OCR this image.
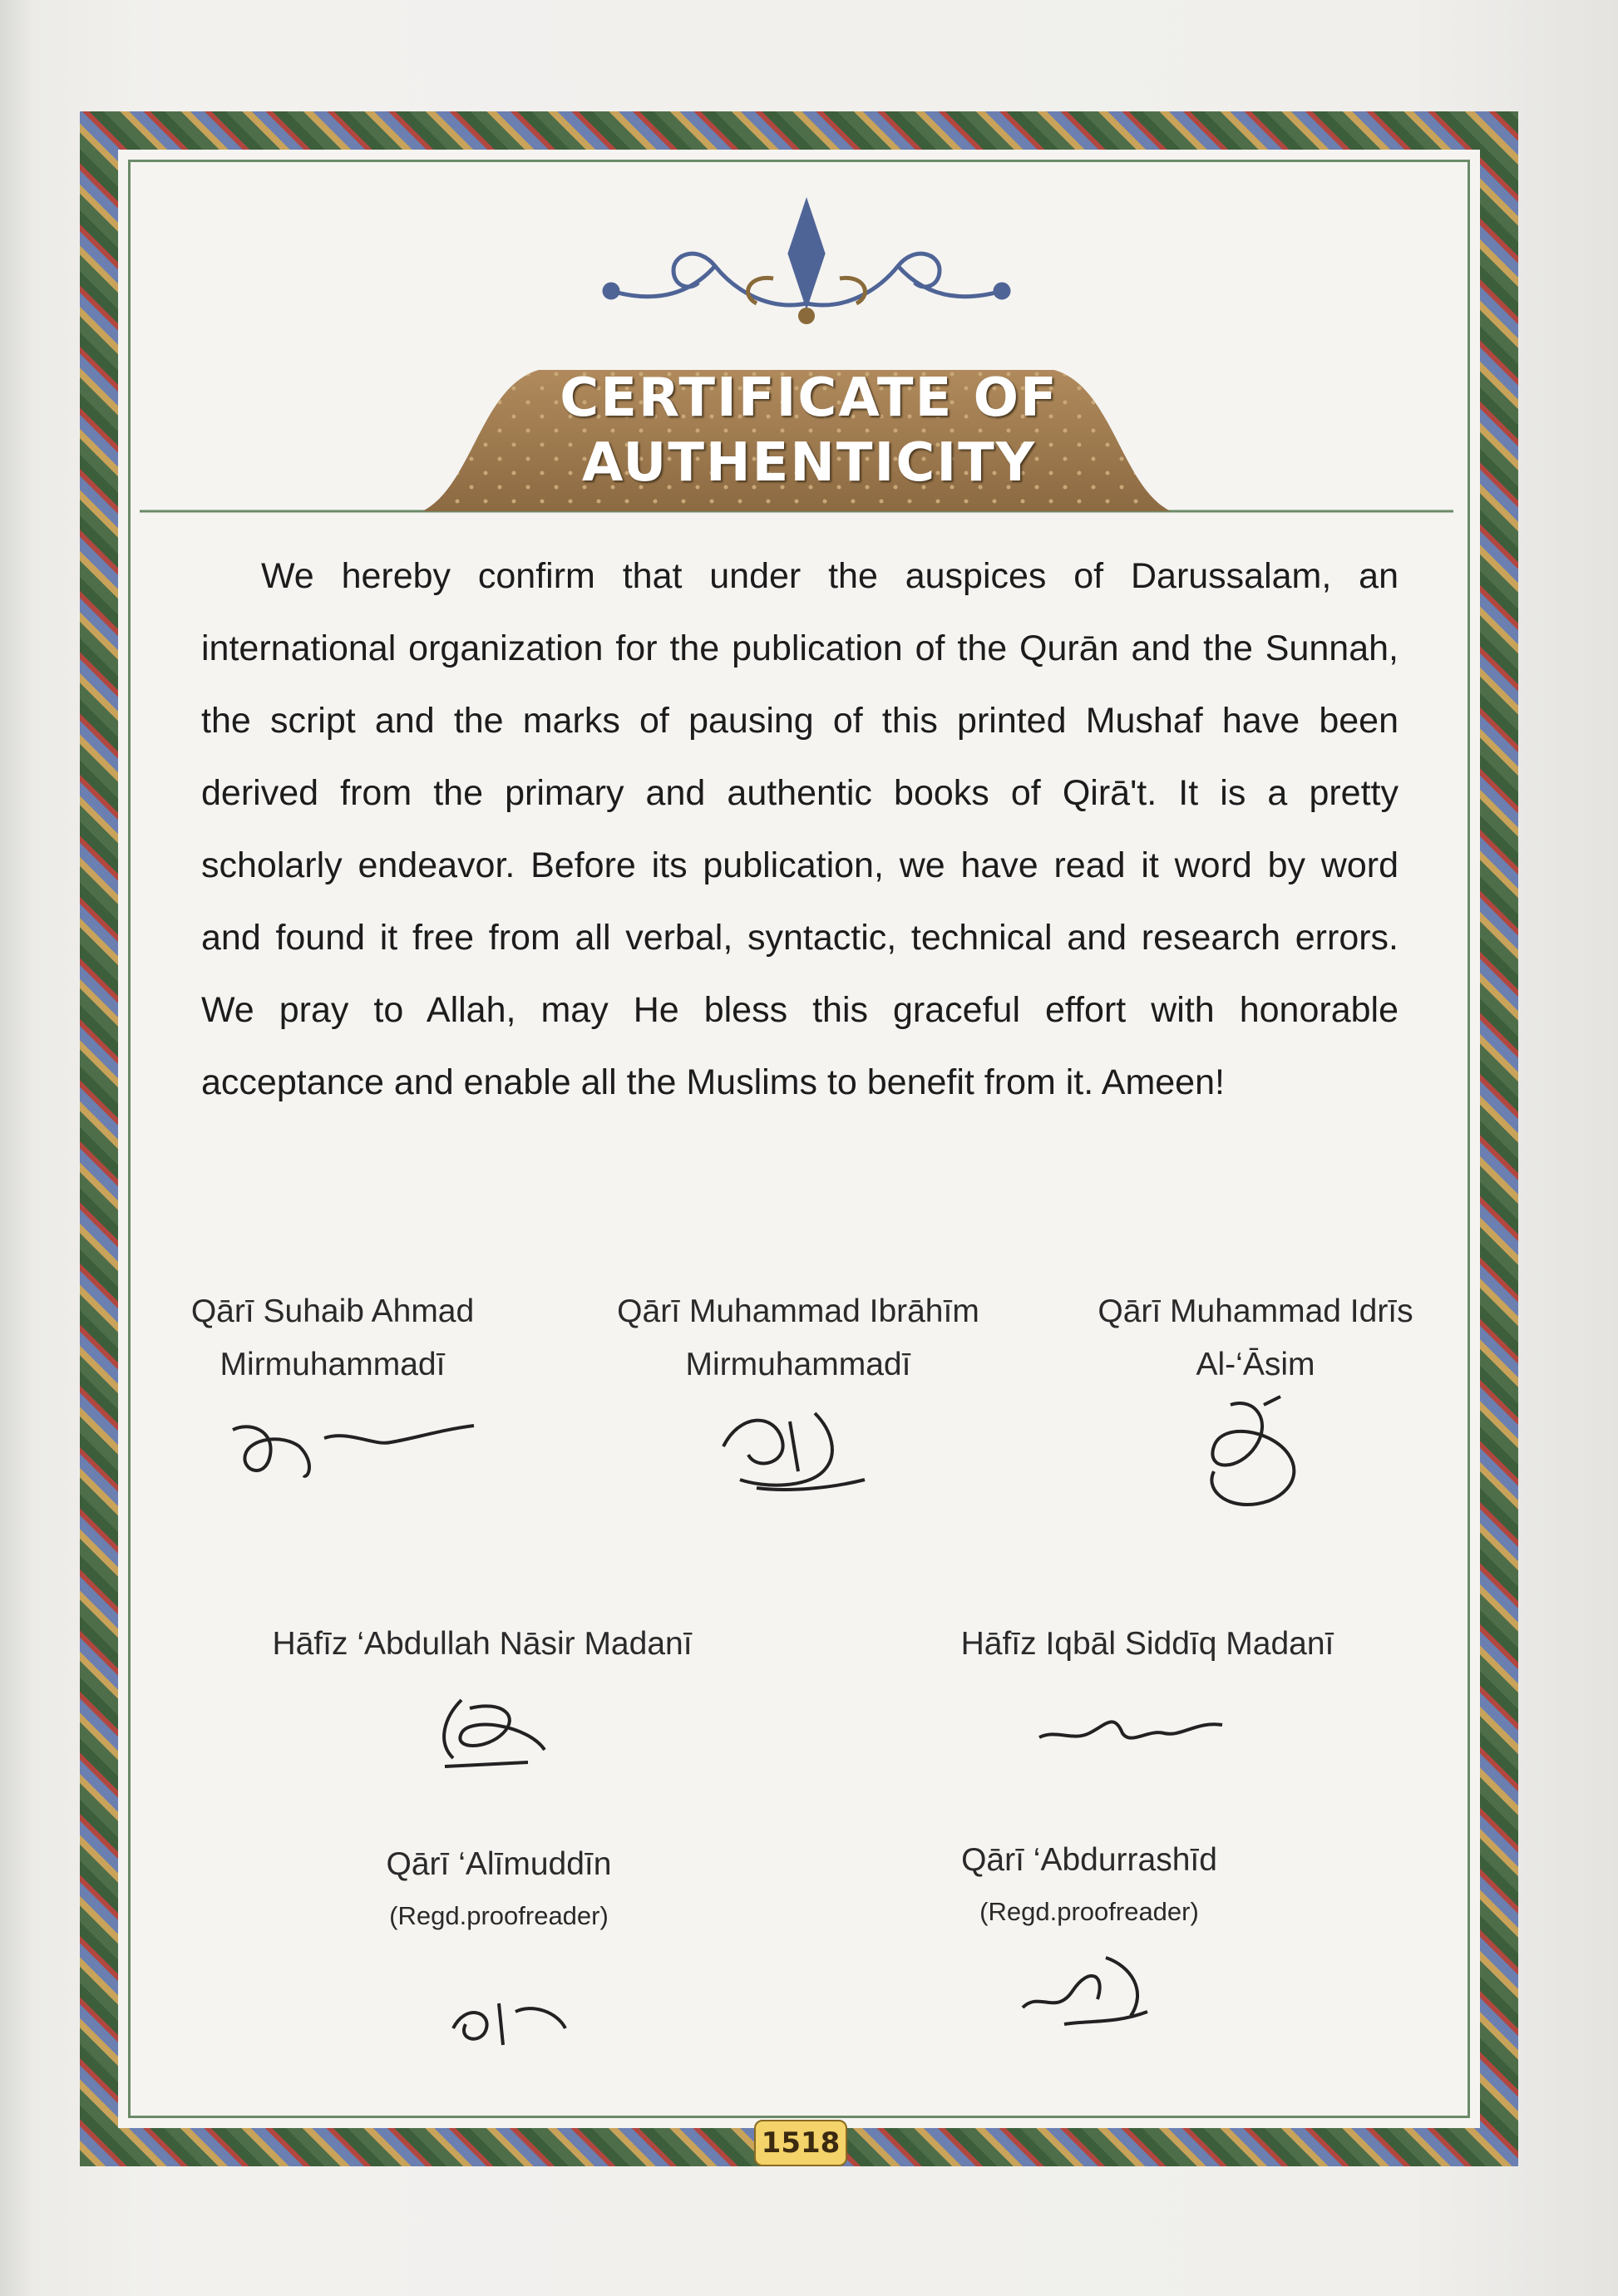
CERTIFICATE OF
AUTHENTICITY
We hereby confirm that under the auspices of Darussalam, an international organization for the publication of the Qurān and the Sunnah, the script and the marks of pausing of this printed Mushaf have been derived from the primary and authentic books of Qirā't. It is a pretty scholarly endeavor. Before its publication, we have read it word by word and found it free from all verbal, syntactic, technical and research errors. We pray to Allah, may He bless this graceful effort with honorable acceptance and enable all the Muslims to benefit from it. Ameen!
Qārī Suhaib Ahmad
Mirmuhammadī
Qārī Muhammad Ibrāhīm
Mirmuhammadī
Qārī Muhammad Idrīs
Al-‘Āsim
Hāfīz ‘Abdullah Nāsir Madanī	Hāfīz Iqbāl Siddīq Madanī
Qārī ‘Alīmuddīn
(Regd.proofreader)
Qārī ‘Abdurrashīd
(Regd.proofreader)
1518
